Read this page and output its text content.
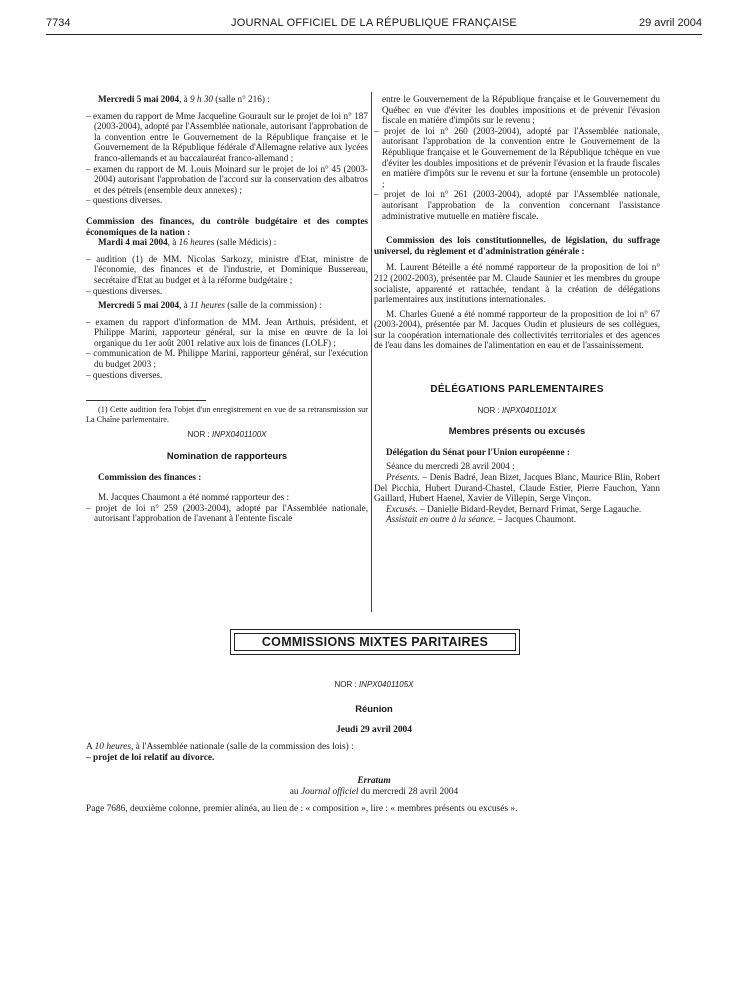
7734	JOURNAL OFFICIEL DE LA RÉPUBLIQUE FRANÇAISE	29 avril 2004

Mercredi 5 mai 2004, à 9 h 30 (salle n° 216) :

– examen du rapport de Mme Jacqueline Gourault sur le projet de loi n° 187 (2003-2004), adopté par l'Assemblée nationale, autorisant l'approbation de la convention entre le Gouvernement de la République française et le Gouvernement de la République fédérale d'Allemagne relative aux lycées franco-allemands et au baccalauréat franco-allemand ;

– examen du rapport de M. Louis Moinard sur le projet de loi n° 45 (2003-2004) autorisant l'approbation de l'accord sur la conservation des albatros et des pétrels (ensemble deux annexes) ;

– questions diverses.

Commission des finances, du contrôle budgétaire et des comptes économiques de la nation :

Mardi 4 mai 2004, à 16 heures (salle Médicis) :

– audition (1) de MM. Nicolas Sarkozy, ministre d'Etat, ministre de l'économie, des finances et de l'industrie, et Dominique Bussereau, secrétaire d'Etat au budget et à la réforme budgétaire ;

– questions diverses.

Mercredi 5 mai 2004, à 11 heures (salle de la commission) :

– examen du rapport d'information de MM. Jean Arthuis, président, et Philippe Marini, rapporteur général, sur la mise en œuvre de la loi organique du 1er août 2001 relative aux lois de finances (LOLF) ;

– communication de M. Philippe Marini, rapporteur général, sur l'exécution du budget 2003 ;

– questions diverses.

(1) Cette audition fera l'objet d'un enregistrement en vue de sa retransmission sur La Chaîne parlementaire.

NOR : INPX0401100X

Nomination de rapporteurs

Commission des finances :

M. Jacques Chaumont a été nommé rapporteur des :

– projet de loi n° 259 (2003-2004), adopté par l'Assemblée nationale, autorisant l'approbation de l'avenant à l'entente fiscale

entre le Gouvernement de la République française et le Gouvernement du Québec en vue d'éviter les doubles impositions et de prévenir l'évasion fiscale en matière d'impôts sur le revenu ;

– projet de loi n° 260 (2003-2004), adopté par l'Assemblée nationale, autorisant l'approbation de la convention entre le Gouvernement de la République française et le Gouvernement de la République tchèque en vue d'éviter les doubles impositions et de prévenir l'évasion et la fraude fiscales en matière d'impôts sur le revenu et sur la fortune (ensemble un protocole) ;

– projet de loi n° 261 (2003-2004), adopté par l'Assemblée nationale, autorisant l'approbation de la convention concernant l'assistance administrative mutuelle en matière fiscale.

Commission des lois constitutionnelles, de législation, du suffrage universel, du règlement et d'administration générale :

M. Laurent Béteille a été nommé rapporteur de la proposition de loi n° 212 (2002-2003), présentée par M. Claude Saunier et les membres du groupe socialiste, apparenté et rattachée, tendant à la création de délégations parlementaires aux institutions internationales.

M. Charles Guené a été nommé rapporteur de la proposition de loi n° 67 (2003-2004), présentée par M. Jacques Oudin et plusieurs de ses collègues, sur la coopération internationale des collectivités territoriales et des agences de l'eau dans les domaines de l'alimentation en eau et de l'assainissement.

DÉLÉGATIONS PARLEMENTAIRES

NOR : INPX0401101X

Membres présents ou excusés

Délégation du Sénat pour l'Union européenne :

Séance du mercredi 28 avril 2004 :

Présents. – Denis Badré, Jean Bizet, Jacques Blanc, Maurice Blin, Robert Del Picchia, Hubert Durand-Chastel, Claude Estier, Pierre Fauchon, Yann Gaillard, Hubert Haenel, Xavier de Villepin, Serge Vinçon.

Excusés. – Danielle Bidard-Reydet, Bernard Frimat, Serge Lagauche.

Assistait en outre à la séance. – Jacques Chaumont.

COMMISSIONS MIXTES PARITAIRES

NOR : INPX0401105X

Réunion

Jeudi 29 avril 2004

A 10 heures, à l'Assemblée nationale (salle de la commission des lois) :

– projet de loi relatif au divorce.

Erratum

au Journal officiel du mercredi 28 avril 2004

Page 7686, deuxième colonne, premier alinéa, au lieu de : « composition », lire : « membres présents ou excusés ».
